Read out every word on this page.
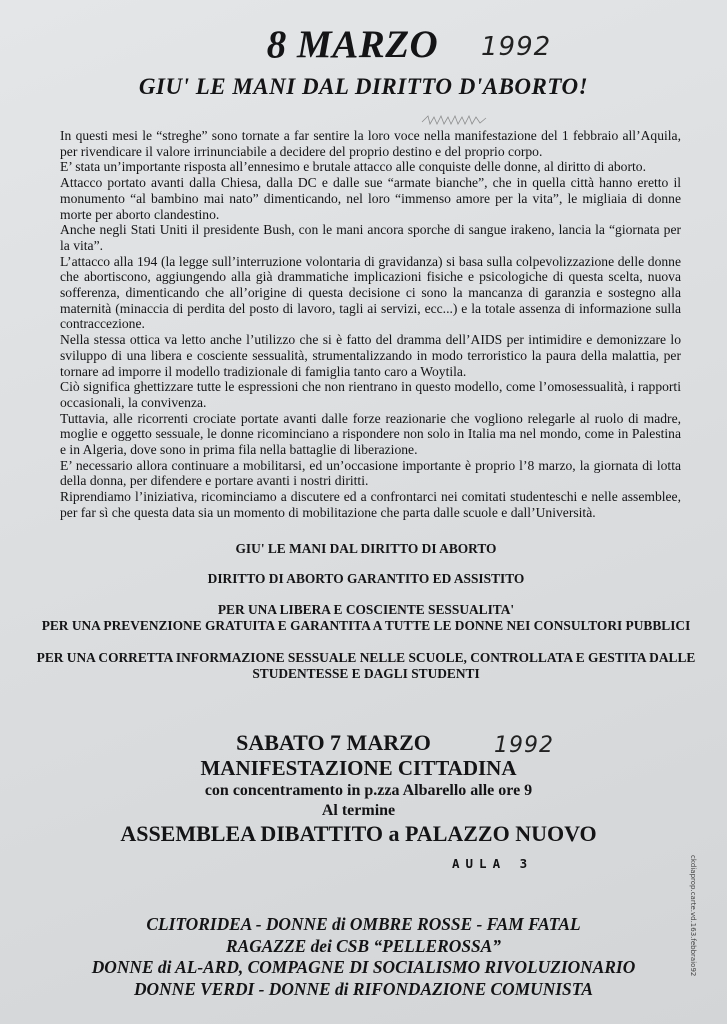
8 MARZO	1992
GIU' LE MANI DAL DIRITTO D'ABORTO!

In questi mesi le “streghe” sono tornate a far sentire la loro voce nella manifestazione del 1 febbraio all’Aquila, per rivendicare il valore irrinunciabile a decidere del proprio destino e del proprio corpo.

E’ stata un’importante risposta all’ennesimo e brutale attacco alle conquiste delle donne, al diritto di aborto.

Attacco portato avanti dalla Chiesa, dalla DC e dalle sue “armate bianche”, che in quella città hanno eretto il monumento “al bambino mai nato” dimenticando, nel loro “immenso amore per la vita”, le migliaia di donne morte per aborto clandestino.

Anche negli Stati Uniti il presidente Bush, con le mani ancora sporche di sangue irakeno, lancia la “giornata per la vita”.

L’attacco alla 194 (la legge sull’interruzione volontaria di gravidanza) si basa sulla colpevolizzazione delle donne che abortiscono, aggiungendo alla già drammatiche implicazioni fisiche e psicologiche di questa scelta, nuova sofferenza, dimenticando che all’origine di questa decisione ci sono la mancanza di garanzia e sostegno alla maternità (minaccia di perdita del posto di lavoro, tagli ai servizi, ecc...) e la totale assenza di informazione sulla contraccezione.

Nella stessa ottica va letto anche l’utilizzo che si è fatto del dramma dell’AIDS per intimidire e demonizzare lo sviluppo di una libera e cosciente sessualità, strumentalizzando in modo terroristico la paura della malattia, per tornare ad imporre il modello tradizionale di famiglia tanto caro a Woytila.

Ciò significa ghettizzare tutte le espressioni che non rientrano in questo modello, come l’omosessualità, i rapporti occasionali, la convivenza.

Tuttavia, alle ricorrenti crociate portate avanti dalle forze reazionarie che vogliono relegarle al ruolo di madre, moglie e oggetto sessuale, le donne ricominciano a rispondere non solo in Italia ma nel mondo, come in Palestina e in Algeria, dove sono in prima fila nella battaglie di liberazione.

E’ necessario allora continuare a mobilitarsi, ed un’occasione importante è proprio l’8 marzo, la giornata di lotta della donna, per difendere e portare avanti i nostri diritti.

Riprendiamo l’iniziativa, ricominciamo a discutere ed a confrontarci nei comitati studenteschi e nelle assemblee, per far sì che questa data sia un momento di mobilitazione che parta dalle scuole e dall’Università.

GIU' LE MANI DAL DIRITTO DI ABORTO
DIRITTO DI ABORTO GARANTITO ED ASSISTITO
PER UNA LIBERA E COSCIENTE SESSUALITA'
PER UNA PREVENZIONE GRATUITA E GARANTITA A TUTTE LE DONNE NEI CONSULTORI PUBBLICI
PER UNA CORRETTA INFORMAZIONE SESSUALE NELLE SCUOLE, CONTROLLATA E GESTITA DALLE STUDENTESSE E DAGLI STUDENTI
SABATO 7 MARZO
MANIFESTAZIONE CITTADINA
con concentramento in p.zza Albarello alle ore 9
Al termine
ASSEMBLEA DIBATTITO a PALAZZO NUOVO
1992
AULA 3
CLITORIDEA - DONNE di OMBRE ROSSE - FAM FATAL
RAGAZZE dei CSB “PELLEROSSA”
DONNE di AL-ARD, COMPAGNE DI SOCIALISMO RIVOLUZIONARIO
DONNE VERDI - DONNE di RIFONDAZIONE COMUNISTA
ckdiaprop.carte.vd.163.febbraio92
